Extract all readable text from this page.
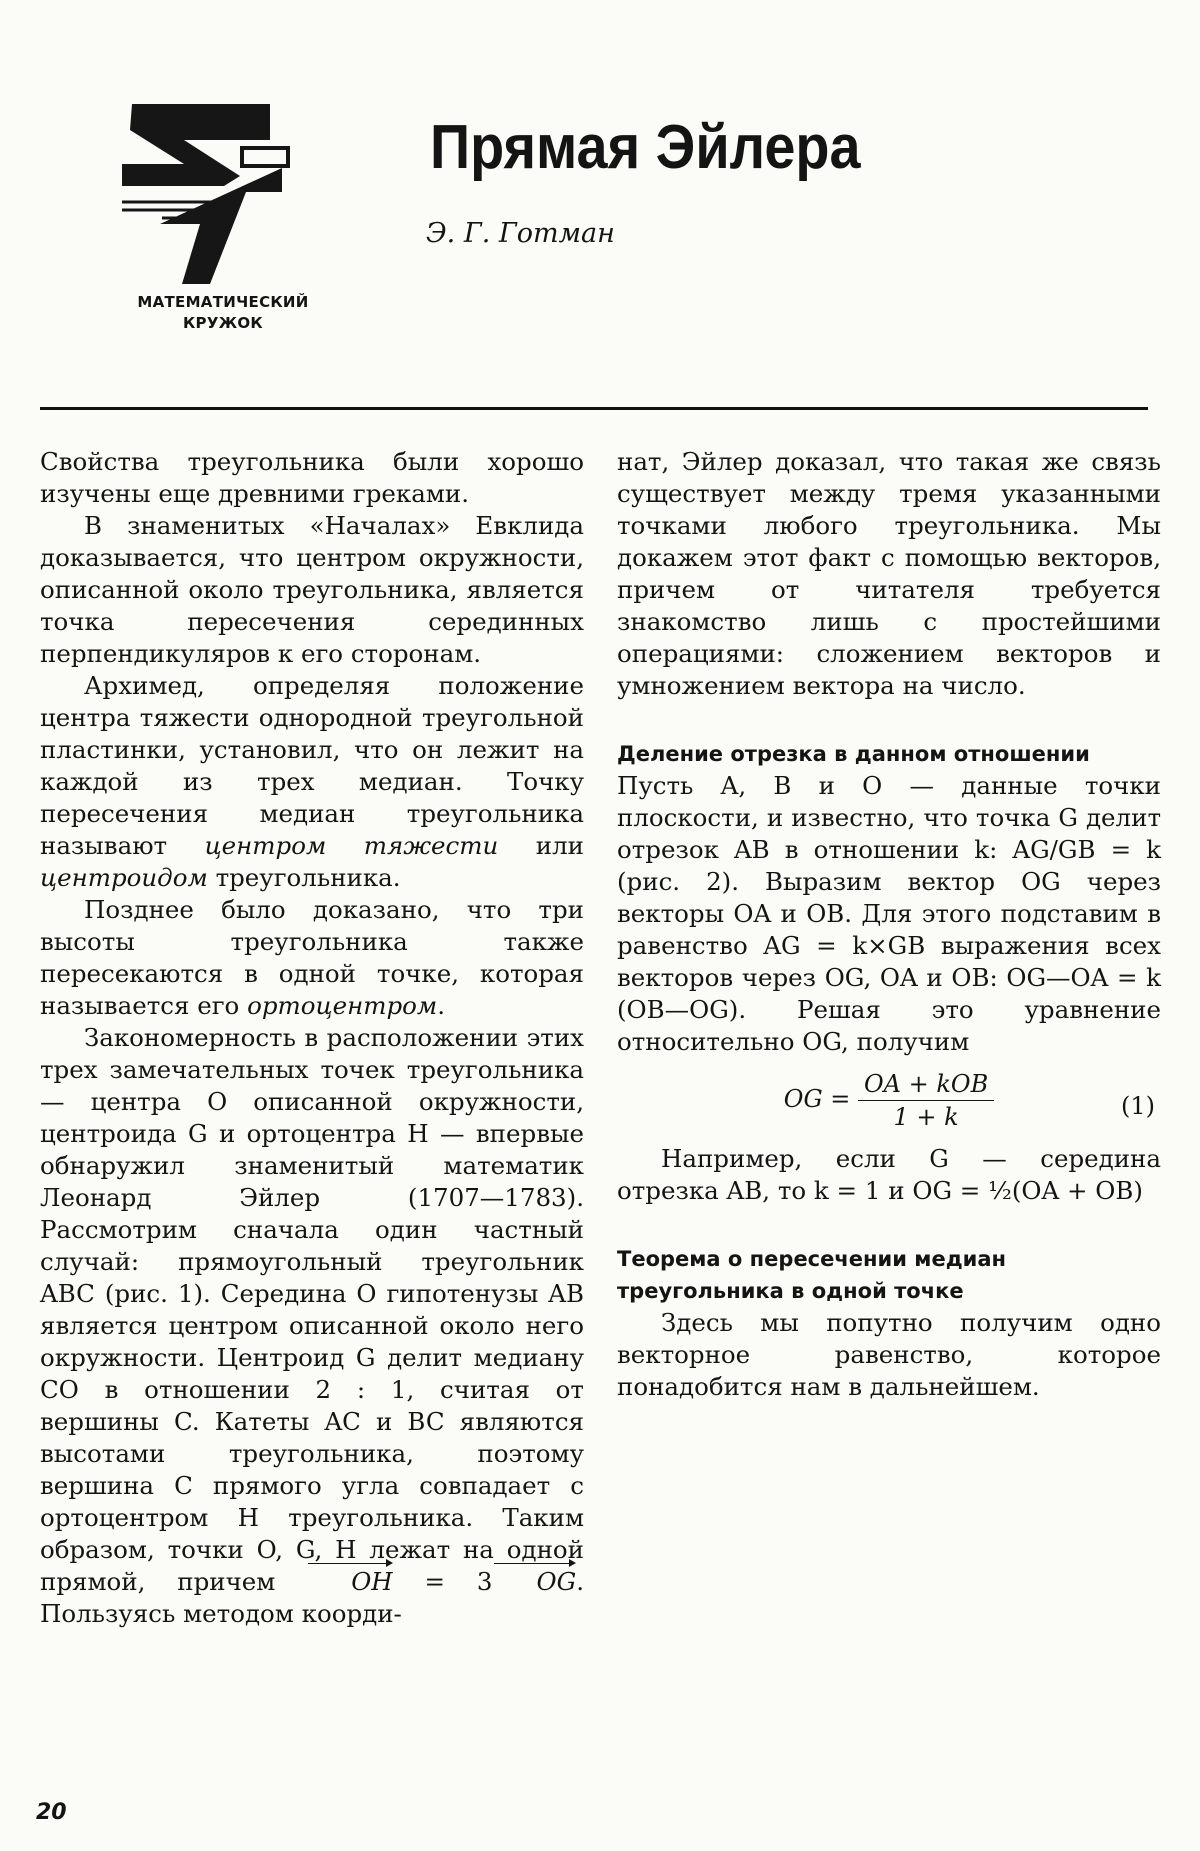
МАТЕМАТИЧЕСКИЙ
КРУЖОК
Прямая Эйлера
Э. Г. Готман

Свойства треугольника были хорошо изучены еще древними греками.

В знаменитых «Началах» Евклида доказывается, что центром окружности, описанной около треугольника, является точка пересечения серединных перпендикуляров к его сторонам.

Архимед, определяя положение центра тяжести однородной треугольной пластинки, установил, что он лежит на каждой из трех медиан. Точку пересечения медиан треугольника называют центром тяжести или центроидом треугольника.

Позднее было доказано, что три высоты треугольника также пересекаются в одной точке, которая называется его ортоцентром.

Закономерность в расположении этих трех замечательных точек треугольника — центра O описанной окружности, центроида G и ортоцентра H — впервые обнаружил знаменитый математик Леонард Эйлер (1707—1783). Рассмотрим сначала один частный случай: прямоугольный треугольник ABC (рис. 1). Середина O гипотенузы AB является центром описанной около него окружности. Центроид G делит медиану CO в отношении 2 : 1, считая от вершины C. Катеты AC и BC являются высотами треугольника, поэтому вершина C прямого угла совпадает с ортоцентром H треугольника. Таким образом, точки O, G, H лежат на одной прямой, причем OH = 3 OG. Пользуясь методом коорди-

нат, Эйлер доказал, что такая же связь существует между тремя указанными точками любого треугольника. Мы докажем этот факт с помощью векторов, причем от читателя требуется знакомство лишь с простейшими операциями: сложением векторов и умножением вектора на число.

Деление отрезка в данном отношении

Пусть A, B и O — данные точки плоскости, и известно, что точка G делит отрезок AB в отношении k: AG/GB = k (рис. 2). Выразим вектор OG через векторы OA и OB. Для этого подставим в равенство AG = k×GB выражения всех векторов через OG, OA и OB: OG—OA = k (OB—OG). Решая это уравнение относительно OG, получим

OG = $\frac{\text{OA + kOB}}{1 + k}$	(1)

Например, если G — середина отрезка AB, то k = 1 и OG = ½(OA + OB)

Теорема о пересечении медиан треугольника в одной точке

Здесь мы попутно получим одно векторное равенство, которое понадобится нам в дальнейшем.

20
